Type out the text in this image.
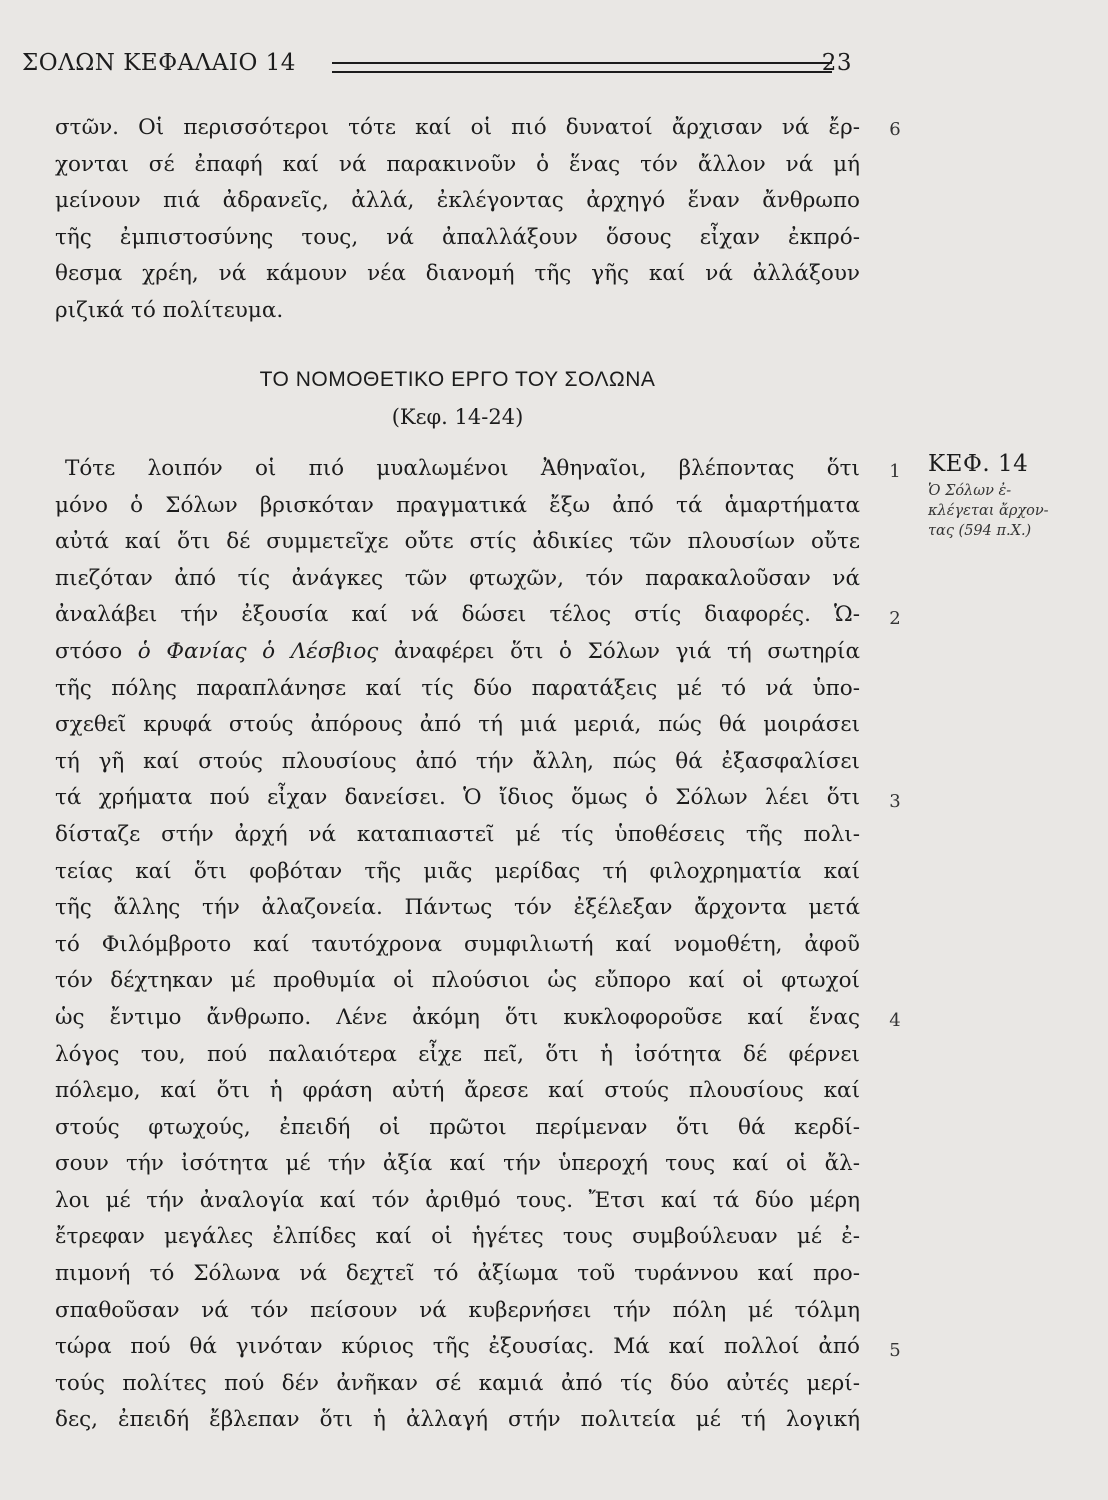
ΣΟΛΩΝ ΚΕΦΑΛΑΙΟ 14	23
στῶν. Οἱ περισσότεροι τότε καί οἱ πιό δυνατοί ἄρχισαν νά ἔρ-
χονται σέ ἐπαφή καί νά παρακινοῦν ὁ ἕνας τόν ἄλλον νά μή
μείνουν πιά ἀδρανεῖς, ἀλλά, ἐκλέγοντας ἀρχηγό ἕναν ἄνθρωπο
τῆς ἐμπιστοσύνης τους, νά ἀπαλλάξουν ὅσους εἶχαν ἐκπρό-
θεσμα χρέη, νά κάμουν νέα διανομή τῆς γῆς καί νά ἀλλάξουν
ριζικά τό πολίτευμα.
6
ΤΟ ΝΟΜΟΘΕΤΙΚΟ ΕΡΓΟ ΤΟΥ ΣΟΛΩΝΑ
(Κεφ. 14-24)
Τότε λοιπόν οἱ πιό μυαλωμένοι Ἀθηναῖοι, βλέποντας ὅτι
μόνο ὁ Σόλων βρισκόταν πραγματικά ἔξω ἀπό τά ἁμαρτήματα
αὐτά καί ὅτι δέ συμμετεῖχε οὔτε στίς ἀδικίες τῶν πλουσίων οὔτε
πιεζόταν ἀπό τίς ἀνάγκες τῶν φτωχῶν, τόν παρακαλοῦσαν νά
ἀναλάβει τήν ἐξουσία καί νά δώσει τέλος στίς διαφορές. Ὡ-
στόσο ὁ Φανίας ὁ Λέσβιος ἀναφέρει ὅτι ὁ Σόλων γιά τή σωτηρία
τῆς πόλης παραπλάνησε καί τίς δύο παρατάξεις μέ τό νά ὑπο-
σχεθεῖ κρυφά στούς ἀπόρους ἀπό τή μιά μεριά, πώς θά μοιράσει
τή γῆ καί στούς πλουσίους ἀπό τήν ἄλλη, πώς θά ἐξασφαλίσει
τά χρήματα πού εἶχαν δανείσει. Ὁ ἴδιος ὅμως ὁ Σόλων λέει ὅτι
δίσταζε στήν ἀρχή νά καταπιαστεῖ μέ τίς ὑποθέσεις τῆς πολι-
τείας καί ὅτι φοβόταν τῆς μιᾶς μερίδας τή φιλοχρηματία καί
τῆς ἄλλης τήν ἀλαζονεία. Πάντως τόν ἐξέλεξαν ἄρχοντα μετά
τό Φιλόμβροτο καί ταυτόχρονα συμφιλιωτή καί νομοθέτη, ἀφοῦ
τόν δέχτηκαν μέ προθυμία οἱ πλούσιοι ὡς εὔπορο καί οἱ φτωχοί
ὡς ἔντιμο ἄνθρωπο. Λένε ἀκόμη ὅτι κυκλοφοροῦσε καί ἕνας
λόγος του, πού παλαιότερα εἶχε πεῖ, ὅτι ἡ ἰσότητα δέ φέρνει
πόλεμο, καί ὅτι ἡ φράση αὐτή ἄρεσε καί στούς πλουσίους καί
στούς φτωχούς, ἐπειδή οἱ πρῶτοι περίμεναν ὅτι θά κερδί-
σουν τήν ἰσότητα μέ τήν ἀξία καί τήν ὑπεροχή τους καί οἱ ἄλ-
λοι μέ τήν ἀναλογία καί τόν ἀριθμό τους. Ἔτσι καί τά δύο μέρη
ἔτρεφαν μεγάλες ἐλπίδες καί οἱ ἡγέτες τους συμβούλευαν μέ ἐ-
πιμονή τό Σόλωνα νά δεχτεῖ τό ἀξίωμα τοῦ τυράννου καί προ-
σπαθοῦσαν νά τόν πείσουν νά κυβερνήσει τήν πόλη μέ τόλμη
τώρα πού θά γινόταν κύριος τῆς ἐξουσίας. Μά καί πολλοί ἀπό
τούς πολίτες πού δέν ἀνῆκαν σέ καμιά ἀπό τίς δύο αὐτές μερί-
δες, ἐπειδή ἔβλεπαν ὅτι ἡ ἀλλαγή στήν πολιτεία μέ τή λογική
1
2
3
4
5
ΚΕΦ. 14
Ὁ Σόλων ἐ-
κλέγεται ἄρχον-
τας (594 π.Χ.)
